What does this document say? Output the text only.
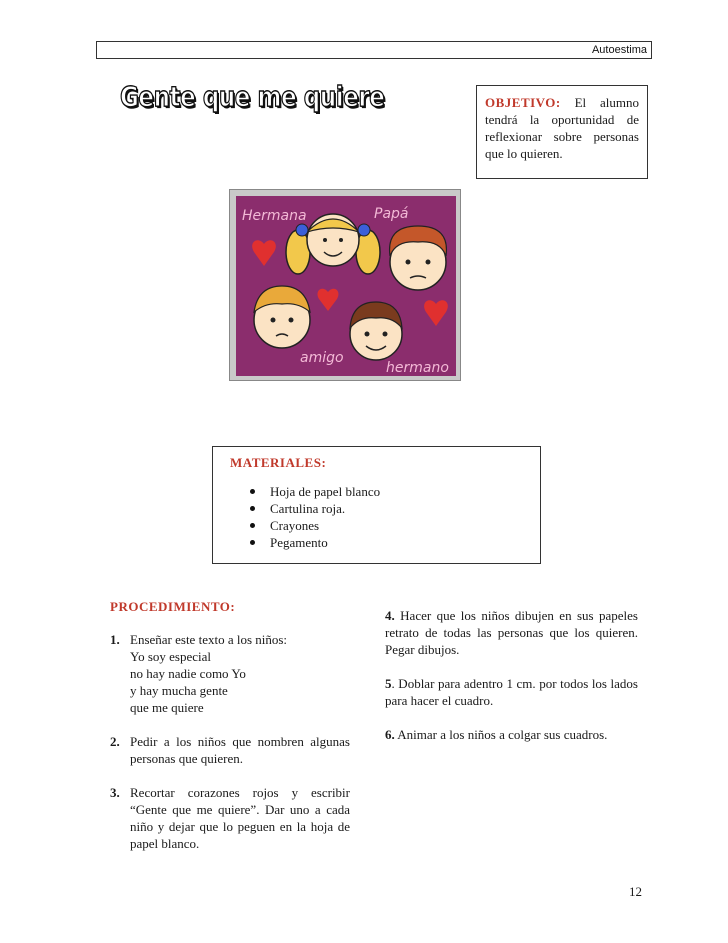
Autoestima
Gente que me quiere	OBJETIVO: El alumno tendrá la oportunidad de reflexionar sobre personas que lo quieren.
Hermana	Papá
amigo
hermano
MATERIALES:
Hoja de papel blanco
Cartulina roja.
Crayones
Pegamento
PROCEDIMIENTO:
1. Enseñar este texto a los niños:
Yo soy especial
no hay nadie como Yo
y hay mucha gente
que me quiere
2. Pedir a los niños que nombren algunas personas que quieren.
3. Recortar corazones rojos y escribir “Gente que me quiere”. Dar uno a cada niño y dejar que lo peguen en la hoja de papel blanco.
4. Hacer que los niños dibujen en sus papeles retrato de todas las personas que los quieren. Pegar dibujos.
5. Doblar para adentro 1 cm. por todos los lados para hacer el cuadro.
6. Animar a los niños a colgar sus cuadros.
12
